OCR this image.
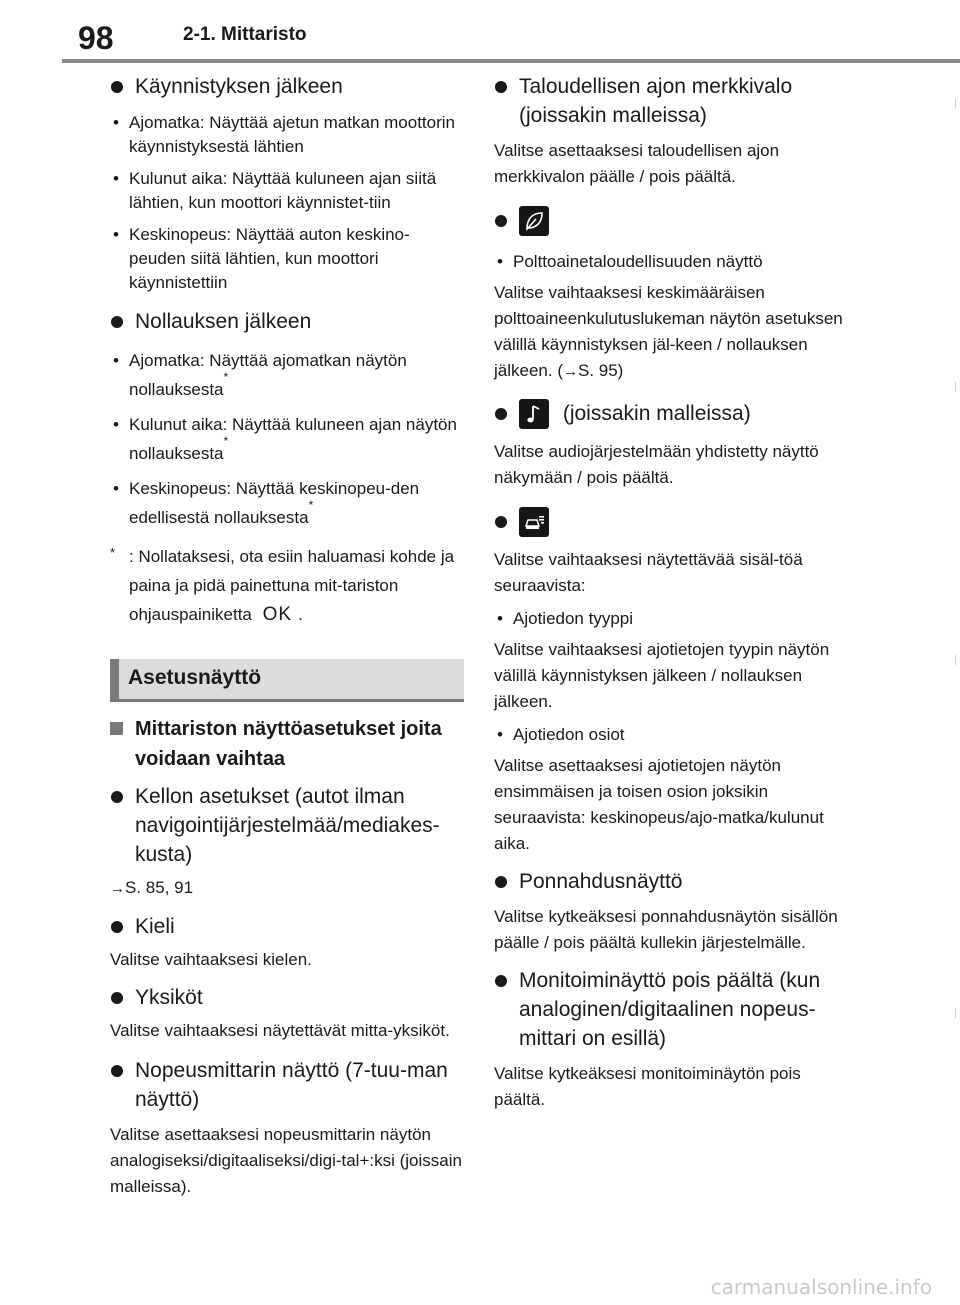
98	2-1. Mittaristo
Käynnistyksen jälkeen
• Ajomatka: Näyttää ajetun matkan moottorin käynnistyksestä lähtien
• Kulunut aika: Näyttää kuluneen ajan siitä lähtien, kun moottori käynnistet-tiin
• Keskinopeus: Näyttää auton keskino-peuden siitä lähtien, kun moottori käynnistettiin
Nollauksen jälkeen
• Ajomatka: Näyttää ajomatkan näytön nollauksesta*
• Kulunut aika: Näyttää kuluneen ajan näytön nollauksesta*
• Keskinopeus: Näyttää keskinopeu-den edellisestä nollauksesta*
* : Nollataksesi, ota esiin haluamasi kohde ja paina ja pidä painettuna mit-tariston ohjauspainiketta OK .
Asetusnäyttö
Mittariston näyttöasetukset joita voidaan vaihtaa
Kellon asetukset (autot ilman navigointijärjestelmää/mediakes-kusta)
→S. 85, 91
Kieli
Valitse vaihtaaksesi kielen.
Yksiköt
Valitse vaihtaaksesi näytettävät mitta-yksiköt.
Nopeusmittarin näyttö (7-tuu-man näyttö)
Valitse asettaaksesi nopeusmittarin näytön analogiseksi/digitaaliseksi/digi-tal+:ksi (joissain malleissa).
Taloudellisen ajon merkkivalo (joissakin malleissa)
Valitse asettaaksesi taloudellisen ajon merkkivalon päälle / pois päältä.
• Polttoainetaloudellisuuden näyttö
Valitse vaihtaaksesi keskimääräisen polttoaineenkulutuslukeman näytön asetuksen välillä käynnistyksen jäl-keen / nollauksen jälkeen. (→S. 95)
(joissakin malleissa)
Valitse audiojärjestelmään yhdistetty näyttö näkymään / pois päältä.
Valitse vaihtaaksesi näytettävää sisäl-töä seuraavista:
• Ajotiedon tyyppi
Valitse vaihtaaksesi ajotietojen tyypin näytön välillä käynnistyksen jälkeen / nollauksen jälkeen.
• Ajotiedon osiot
Valitse asettaaksesi ajotietojen näytön ensimmäisen ja toisen osion joksikin seuraavista: keskinopeus/ajo-matka/kulunut aika.
Ponnahdusnäyttö
Valitse kytkeäksesi ponnahdusnäytön sisällön päälle / pois päältä kullekin järjestelmälle.
Monitoiminäyttö pois päältä (kun analoginen/digitaalinen nopeus-mittari on esillä)
Valitse kytkeäksesi monitoiminäytön pois päältä.
carmanualsonline.info
